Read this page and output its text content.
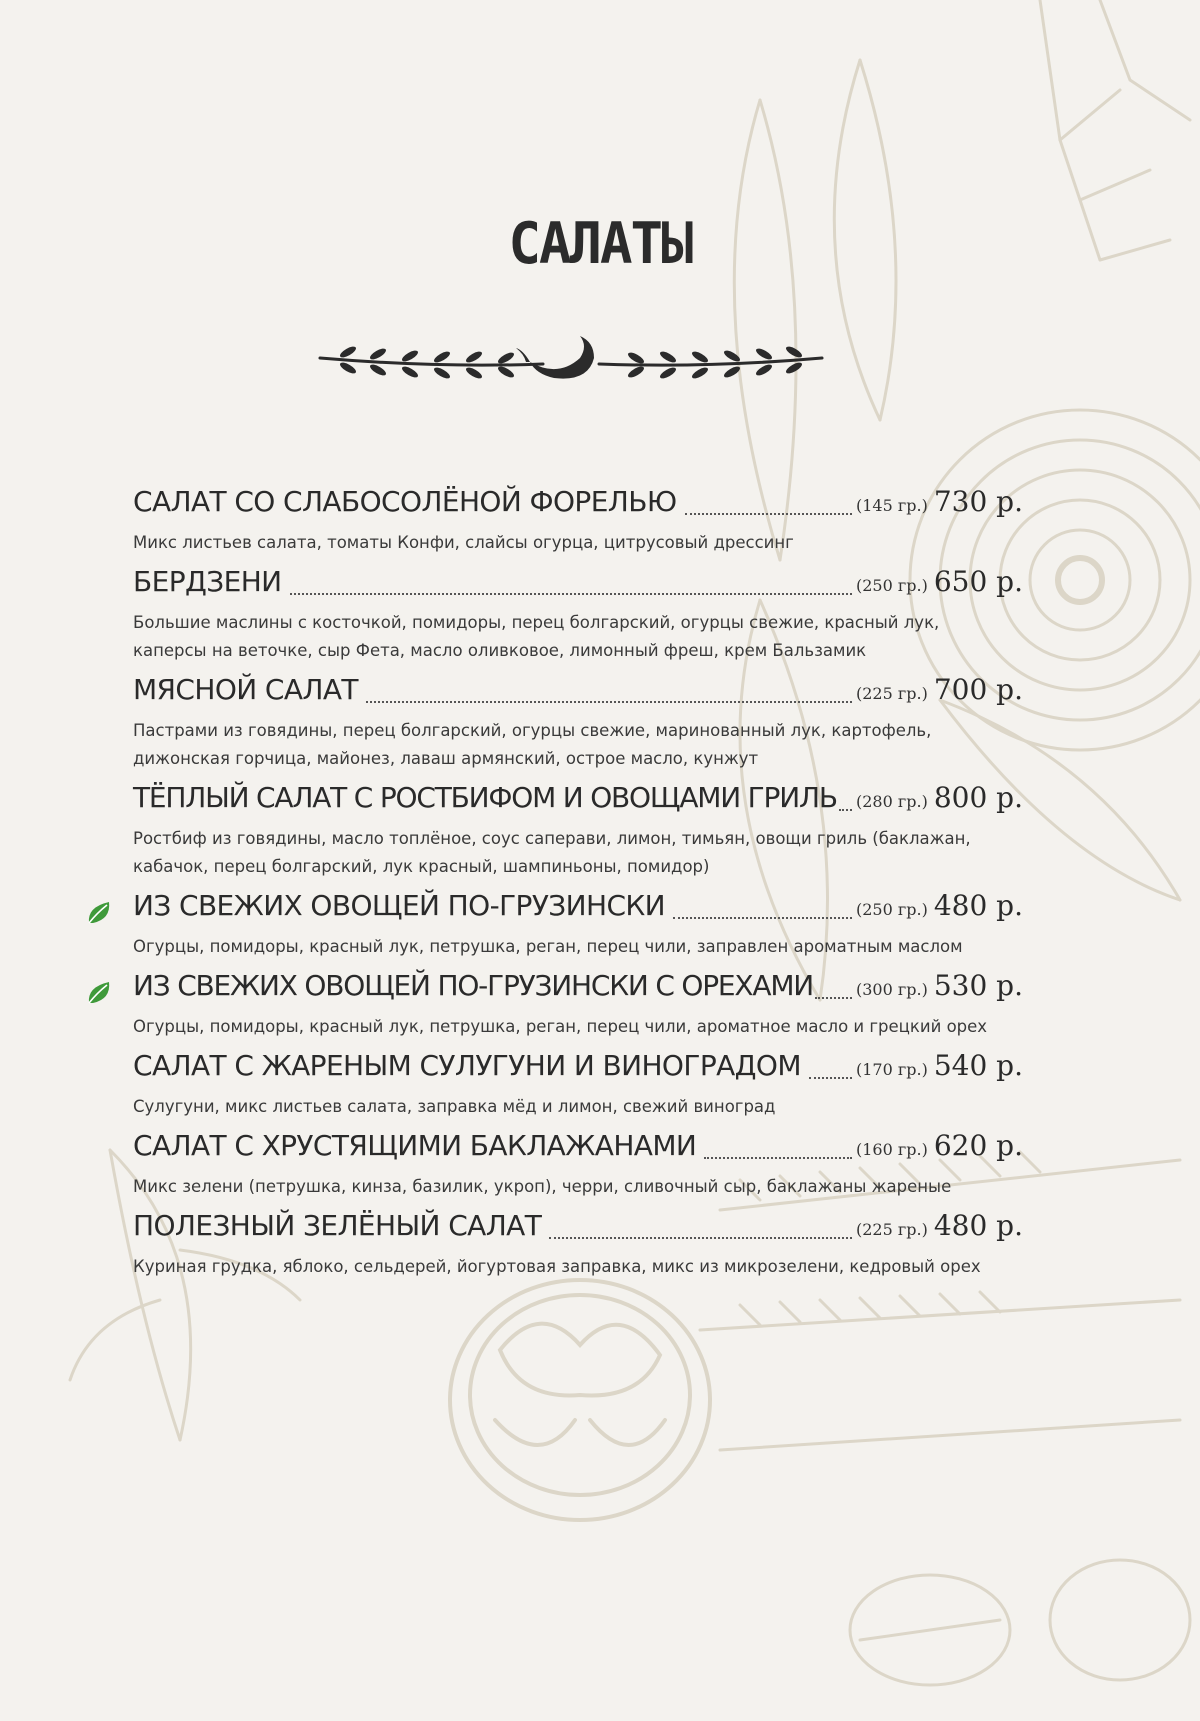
САЛАТЫ
САЛАТ СО СЛАБОСОЛЁНОЙ ФОРЕЛЬЮ	(145 гр.) 730 р.
Микс листьев салата, томаты Конфи, слайсы огурца, цитрусовый дрессинг
БЕРДЗЕНИ	(250 гр.) 650 р.
Большие маслины с косточкой, помидоры, перец болгарский, огурцы свежие, красный лук, каперсы на веточке, сыр Фета, масло оливковое, лимонный фреш, крем Бальзамик
МЯСНОЙ САЛАТ	(225 гр.) 700 р.
Пастрами из говядины, перец болгарский, огурцы свежие, маринованный лук, картофель, дижонская горчица, майонез, лаваш армянский, острое масло, кунжут
ТЁПЛЫЙ САЛАТ С РОСТБИФОМ И ОВОЩАМИ ГРИЛЬ (280 гр.) 800 р.
Ростбиф из говядины, масло топлёное, соус саперави, лимон, тимьян, овощи гриль (баклажан, кабачок, перец болгарский, лук красный, шампиньоны, помидор)
ИЗ СВЕЖИХ ОВОЩЕЙ ПО-ГРУЗИНСКИ	(250 гр.) 480 р.
Огурцы, помидоры, красный лук, петрушка, реган, перец чили, заправлен ароматным маслом
ИЗ СВЕЖИХ ОВОЩЕЙ ПО-ГРУЗИНСКИ С ОРЕХАМИ	(300 гр.) 530 р.
Огурцы, помидоры, красный лук, петрушка, реган, перец чили, ароматное масло и грецкий орех
САЛАТ С ЖАРЕНЫМ СУЛУГУНИ И ВИНОГРАДОМ	(170 гр.) 540 р.
Сулугуни, микс листьев салата, заправка мёд и лимон, свежий виноград
САЛАТ С ХРУСТЯЩИМИ БАКЛАЖАНАМИ	(160 гр.) 620 р.
Микс зелени (петрушка, кинза, базилик, укроп), черри, сливочный сыр, баклажаны жареные
ПОЛЕЗНЫЙ ЗЕЛЁНЫЙ САЛАТ	(225 гр.) 480 р.
Куриная грудка, яблоко, сельдерей, йогуртовая заправка, микс из микрозелени, кедровый орех
